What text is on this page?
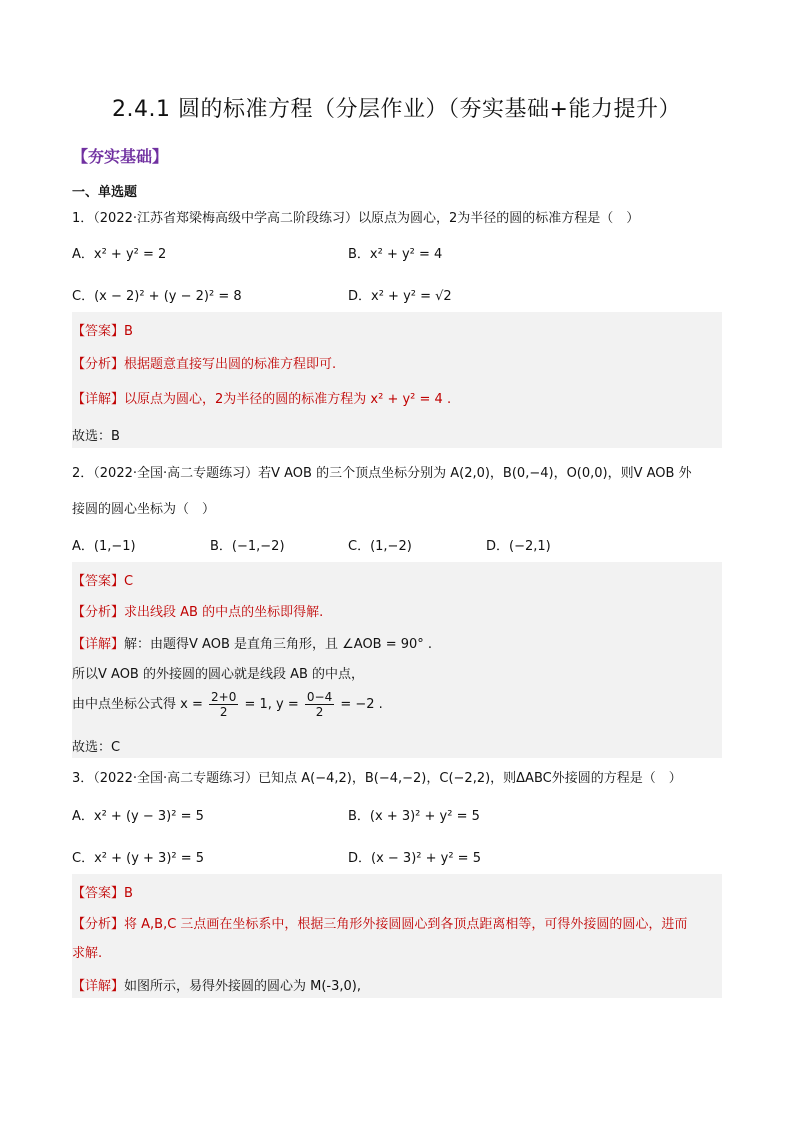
2.4.1 圆的标准方程（分层作业）（夯实基础+能力提升）
【夯实基础】
一、单选题
1．（2022·江苏省郑梁梅高级中学高二阶段练习）以原点为圆心，2为半径的圆的标准方程是（　）
A．x² + y² = 2	B．x² + y² = 4
C．(x − 2)² + (y − 2)² = 8	D．x² + y² = √2
【答案】B
【分析】根据题意直接写出圆的标准方程即可.
【详解】以原点为圆心，2为半径的圆的标准方程为 x² + y² = 4 .
故选：B
2．（2022·全国·高二专题练习）若V AOB 的三个顶点坐标分别为 A(2,0)，B(0,−4)，O(0,0)，则V AOB 外
接圆的圆心坐标为（　）
A．(1,−1)	B．(−1,−2)	C．(1,−2)	D．(−2,1)
【答案】C
【分析】求出线段 AB 的中点的坐标即得解.
【详解】解：由题得V AOB 是直角三角形，且 ∠AOB = 90° .
所以V AOB 的外接圆的圆心就是线段 AB 的中点，
由中点坐标公式得 $x = \frac{2+0}{2} = 1$, $y = \frac{0-4}{2} = -2$ .
故选：C
3．（2022·全国·高二专题练习）已知点 A(−4,2)，B(−4,−2)，C(−2,2)，则ΔABC外接圆的方程是（　）
A．x² + (y − 3)² = 5	B．(x + 3)² + y² = 5
C．x² + (y + 3)² = 5	D．(x − 3)² + y² = 5
【答案】B
【分析】将 A,B,C 三点画在坐标系中，根据三角形外接圆圆心到各顶点距离相等，可得外接圆的圆心，进而
求解.
【详解】如图所示，易得外接圆的圆心为 M(-3,0),
